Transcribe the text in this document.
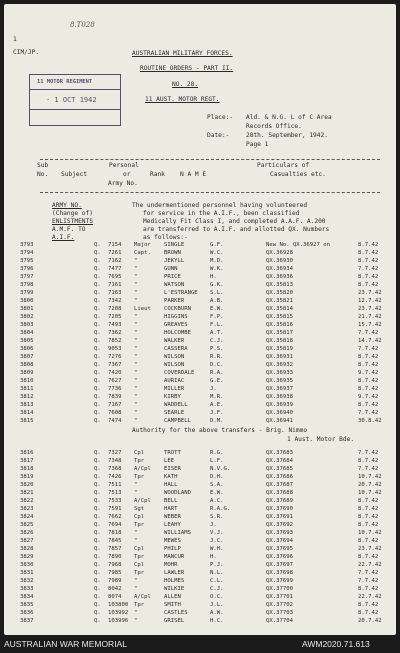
8.T028
1
CIM/JP.	AUSTRALIAN MILITARY FORCES.
ROUTINE ORDERS - PART II.
NO. 28.
11 AUST. MOTOR REGT.
11 MOTOR REGIMENT
- 1 OCT 1942
Place:- Ald. & N.G. L of C Area
Records Office.
Date:-	28th. September, 1942.
Page 1
Sub
No. Subject
Personal
or
Army No.
Rank N A M E
Particulars of
Casualties etc.
ARMY NO.
(Change of)
ENLISTMENTS
A.M.F. TO
A.I.F.
The undermentioned personnel having volunteered
for service in the A.I.F., been classified
Medically Fit Class I, and completed A.A.F. A.200
are transferred to A.I.F. and allotted QX. Numbers
as follows:-
3793	Q. 7154 Major SINGLE	G.F.	New No. QX.36927 on	8.7.42
3794	Q. 7261 Capt. BROWN	W.C.	QX.36928	8.7.42
3795	Q. 7162 "	JEKYLL	M.D.	QX.36930	8.7.42
3796	Q. 7477 "	GUNN	W.K.	QX.36934	7.7.42
3797	Q. 7695 "	PRICE	H.	QX.36936	8.7.42
3798	Q. 7161 "	WATSON	G.K.	QX.35813	8.7.42
3799	Q. 7163 "	L'ESTRANGE S.L.	QX.35820	23.7.42
3800	Q. 7342 "	PARKER	A.B.	QX.35821	12.7.42
3801	Q. 7208 Lieut COCKBURN	E.W.	QX.35814	23.7.42
3802	Q. 7205 "	HIGGINS	F.P.	QX.35815	21.7.42
3803	Q. 7493 "	GREAVES	F.L.	QX.35816	15.7.42
3804	Q. 7362 "	HOLCOMBE	A.T.	QX.35817	7.7.42
3805	Q. 7852 "	WALKER	C.J.	QX.35818	14.7.42
3806	Q. 9053 "	CASSERA	P.S.	QX.35819	7.7.42
3807	Q. 7276 "	WILSON	R.R.	QX.36931	8.7.42
3808	Q. 7367 "	WILSON	D.C.	QX.36932	8.7.42
3809	Q. 7420 "	COVERDALE	R.A.	QX.36933	9.7.42
3810	Q. 7627 "	AURIAC	G.E.	QX.36935	8.7.42
3811	Q. 7736 "	MILLER	J.	QX.36937	8.7.42
3812	Q. 7839 "	KIRBY	M.R.	QX.36938	9.7.42
3813	Q. 7167 "	WADDELL	A.E.	QX.36939	8.7.42
3814	Q. 7608 "	SEARLE	J.F.	QX.36940	7.7.42
3815	Q. 7474 "	CAMPBELL	D.M.	QX.36941	30.8.42
Authority for the above transfers - Brig. Nimmo
1 Aust. Motor Bde.
3816	Q. 7327 Cpl	TROTT	R.G.	QX.37683	7.7.42
3817	Q. 7348 Tpr	LEE	L.F.	QX.37684	8.7.42
3818	Q. 7368 A/Cpl EISER	N.V.G.	QX.37685	7.7.42
3819	Q. 7426 Tpr	KATH	D.H.	QX.37686	10.7.42
3820	Q. 7511 "	HALL	S.A.	QX.37687	20.7.42
3821	Q. 7513 "	WOODLAND	E.W.	QX.37688	10.7.42
3822	Q. 7533 A/Cpl BELL	A.C.	QX.37689	8.7.42
3823	Q. 7591 Sgt	HART	R.A.G.	QX.37690	8.7.42
3824	Q. 7662 Cpl	WEBER	S.R.	QX.37691	8.7.42
3825	Q. 7694 Tpr	LEAHY	J.	QX.37692	8.7.42
3826	Q. 7818 "	WILLIAMS	V.J.	QX.37693	10.7.42
3827	Q. 7845 "	MEWES	J.C.	QX.37694	8.7.42
3828	Q. 7857 Cpl	PHILP	W.H.	QX.37695	23.7.42
3829	Q. 7890 Tpr	MANCUR	H.	QX.37696	8.7.42
3830	Q. 7968 Cpl	MOHR	P.J.	QX.37697	22.7.42
3831	Q. 7985 Tpr	LAWLER	N.L.	QX.37698	7.7.42
3832	Q. 7989 "	HOLMES	C.L.	QX.37699	7.7.42
3833	Q. 8042 "	WILKIE	C.J.	QX.37700	8.7.42
3834	Q. 8074 A/Cpl ALLEN	O.C.	QX.37701	22.7.42
3835	Q. 103800 Tpr	SMITH	J.L.	QX.37702	8.7.42
3836	Q. 103992 "	CASTLES	A.W.	QX.37703	8.7.42
3837	Q. 103996 "	GRISEL	H.C.	QX.37704	20.7.42
AUSTRALIAN WAR MEMORIAL	AWM2020.71.613
